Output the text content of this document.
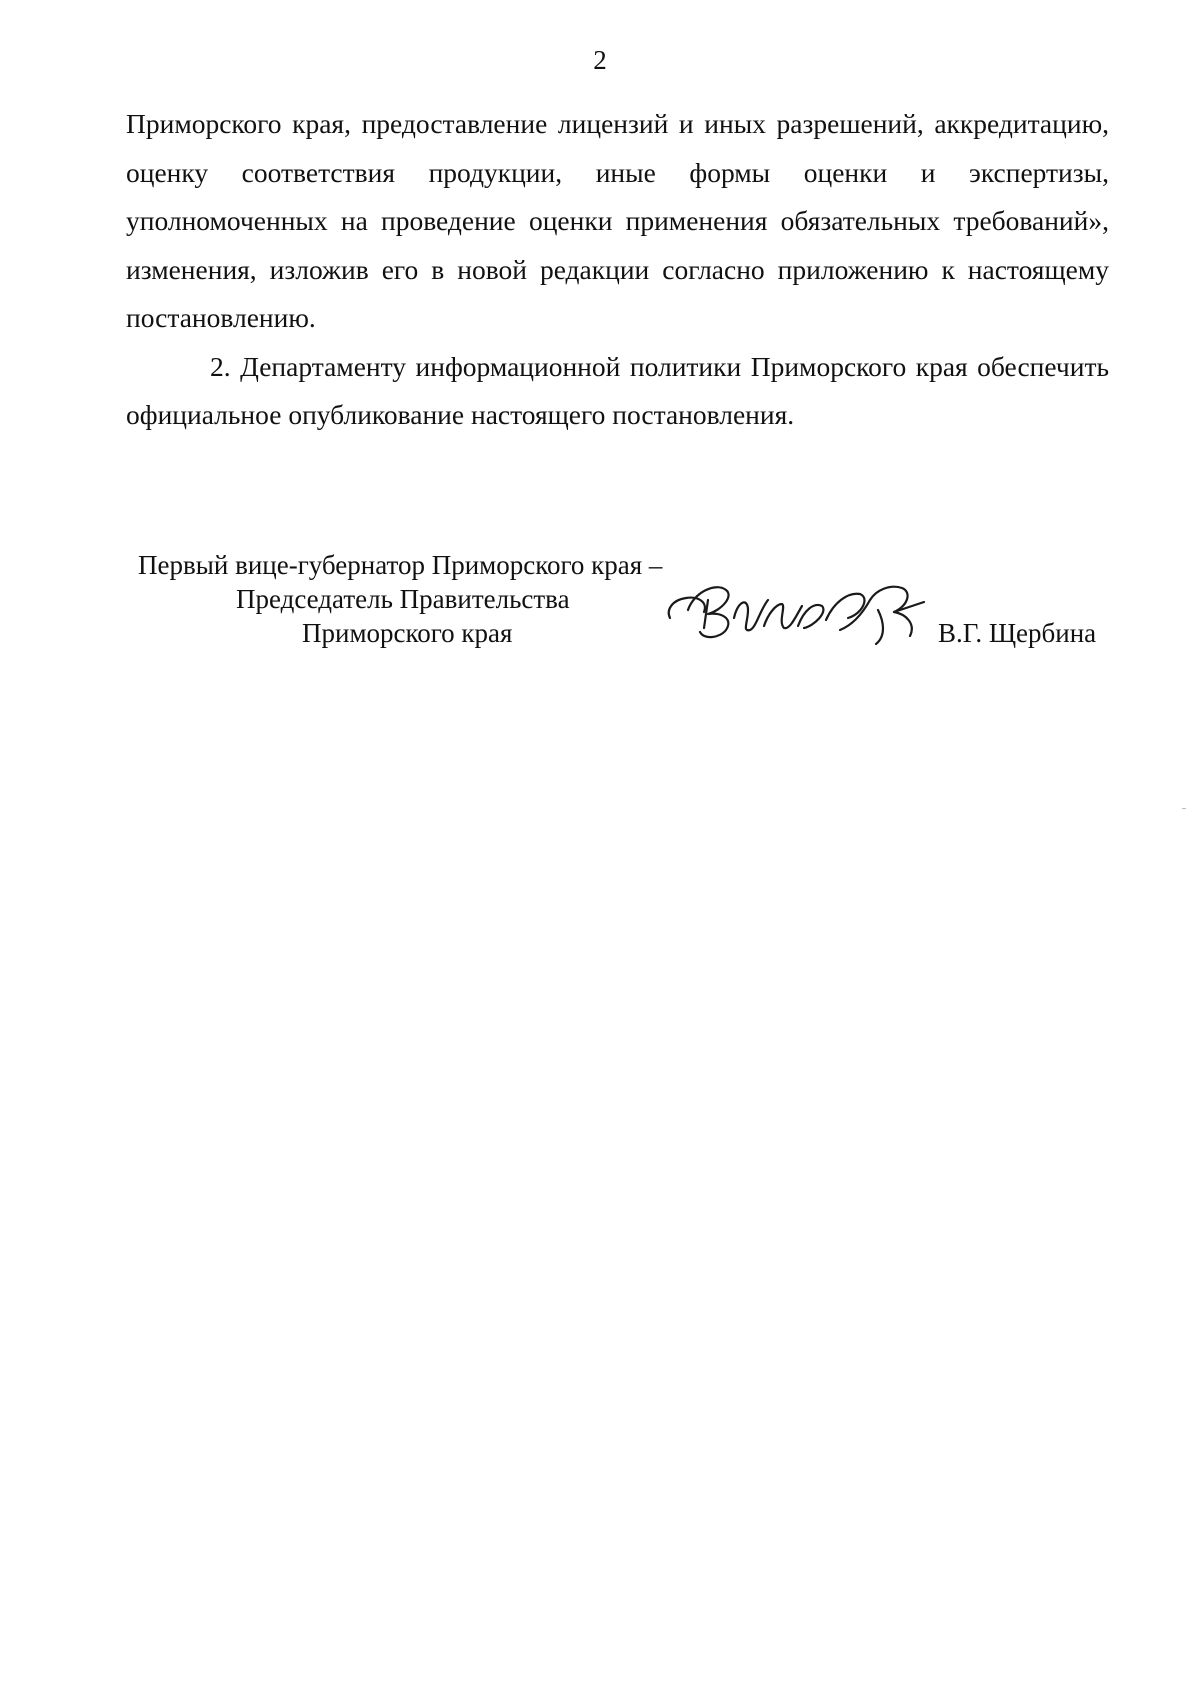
2

Приморского края, предоставление лицензий и иных разрешений, аккредитацию, оценку соответствия продукции, иные формы оценки и экспертизы, уполномоченных на проведение оценки применения обязательных требований», изменения, изложив его в новой редакции согласно приложению к настоящему постановлению.

2. Департаменту информационной политики Приморского края обеспечить официальное опубликование настоящего постановления.

Первый вице-губернатор Приморского края –
Председатель Правительства
Приморского края	В.Г. Щербина
